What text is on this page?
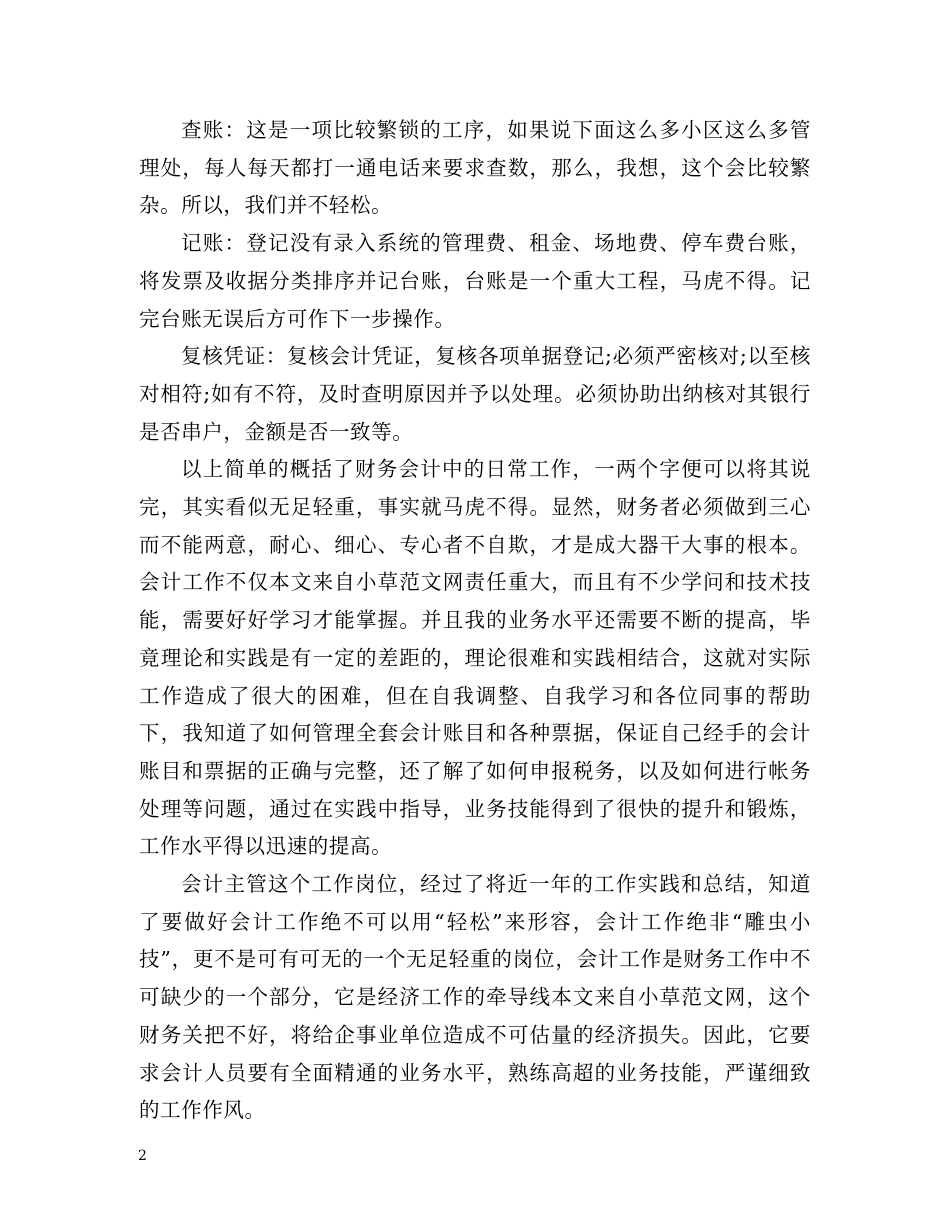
查账：这是一项比较繁锁的工序，如果说下面这么多小区这么多管理处，每人每天都打一通电话来要求查数，那么，我想，这个会比较繁杂。所以，我们并不轻松。

记账：登记没有录入系统的管理费、租金、场地费、停车费台账，将发票及收据分类排序并记台账，台账是一个重大工程，马虎不得。记完台账无误后方可作下一步操作。

复核凭证：复核会计凭证，复核各项单据登记;必须严密核对;以至核对相符;如有不符，及时查明原因并予以处理。必须协助出纳核对其银行是否串户，金额是否一致等。

以上简单的概括了财务会计中的日常工作，一两个字便可以将其说完，其实看似无足轻重，事实就马虎不得。显然，财务者必须做到三心而不能两意，耐心、细心、专心者不自欺，才是成大器干大事的根本。会计工作不仅本文来自小草范文网责任重大，而且有不少学问和技术技能，需要好好学习才能掌握。并且我的业务水平还需要不断的提高，毕竟理论和实践是有一定的差距的，理论很难和实践相结合，这就对实际工作造成了很大的困难，但在自我调整、自我学习和各位同事的帮助下，我知道了如何管理全套会计账目和各种票据，保证自己经手的会计账目和票据的正确与完整，还了解了如何申报税务，以及如何进行帐务处理等问题，通过在实践中指导，业务技能得到了很快的提升和锻炼，工作水平得以迅速的提高。

会计主管这个工作岗位，经过了将近一年的工作实践和总结，知道了要做好会计工作绝不可以用“轻松”来形容，会计工作绝非“雕虫小技”，更不是可有可无的一个无足轻重的岗位，会计工作是财务工作中不可缺少的一个部分，它是经济工作的牵导线本文来自小草范文网，这个财务关把不好，将给企事业单位造成不可估量的经济损失。因此，它要求会计人员要有全面精通的业务水平，熟练高超的业务技能，严谨细致的工作作风。

2
